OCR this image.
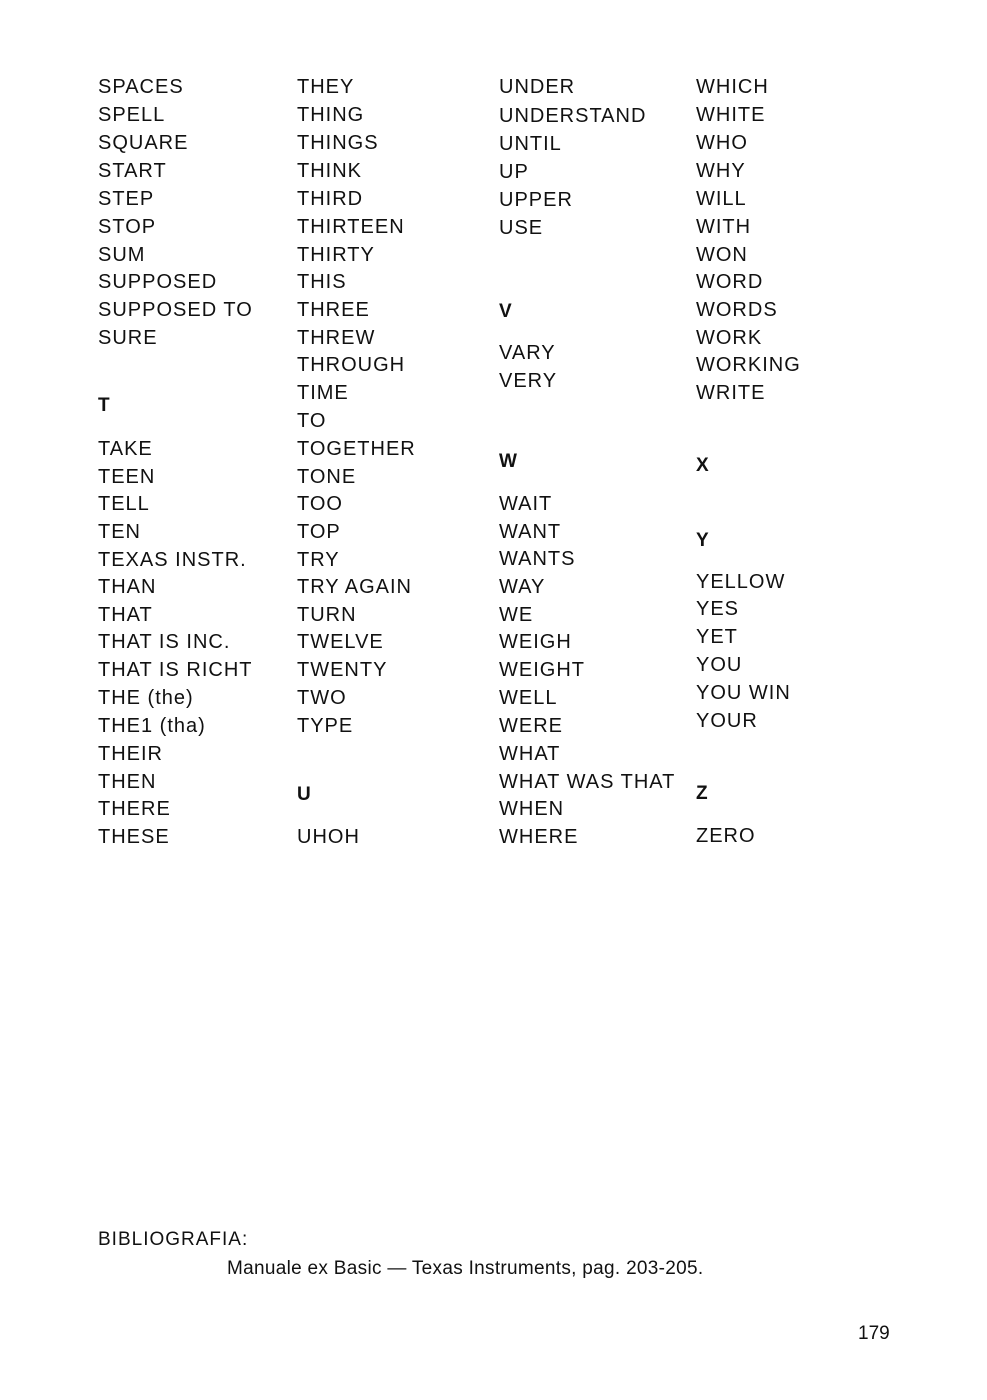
SPACES
SPELL
SQUARE
START
STEP
STOP
SUM
SUPPOSED
SUPPOSED TO
SURE
T
TAKE
TEEN
TELL
TEN
TEXAS INSTR.
THAN
THAT
THAT IS INC.
THAT IS RICHT
THE (the)
THE1 (tha)
THEIR
THEN
THERE
THESE
THEY
THING
THINGS
THINK
THIRD
THIRTEEN
THIRTY
THIS
THREE
THREW
THROUGH
TIME
TO
TOGETHER
TONE
TOO
TOP
TRY
TRY AGAIN
TURN
TWELVE
TWENTY
TWO
TYPE
U
UHOH
UNDER
UNDERSTAND
UNTIL
UP
UPPER
USE
V
VARY
VERY
W
WAIT
WANT
WANTS
WAY
WE
WEIGH
WEIGHT
WELL
WERE
WHAT
WHAT WAS THAT
WHEN
WHERE
WHICH
WHITE
WHO
WHY
WILL
WITH
WON
WORD
WORDS
WORK
WORKING
WRITE
X
Y
YELLOW
YES
YET
YOU
YOU WIN
YOUR
Z
ZERO
BIBLIOGRAFIA:
Manuale ex Basic — Texas Instruments, pag. 203-205.
179
